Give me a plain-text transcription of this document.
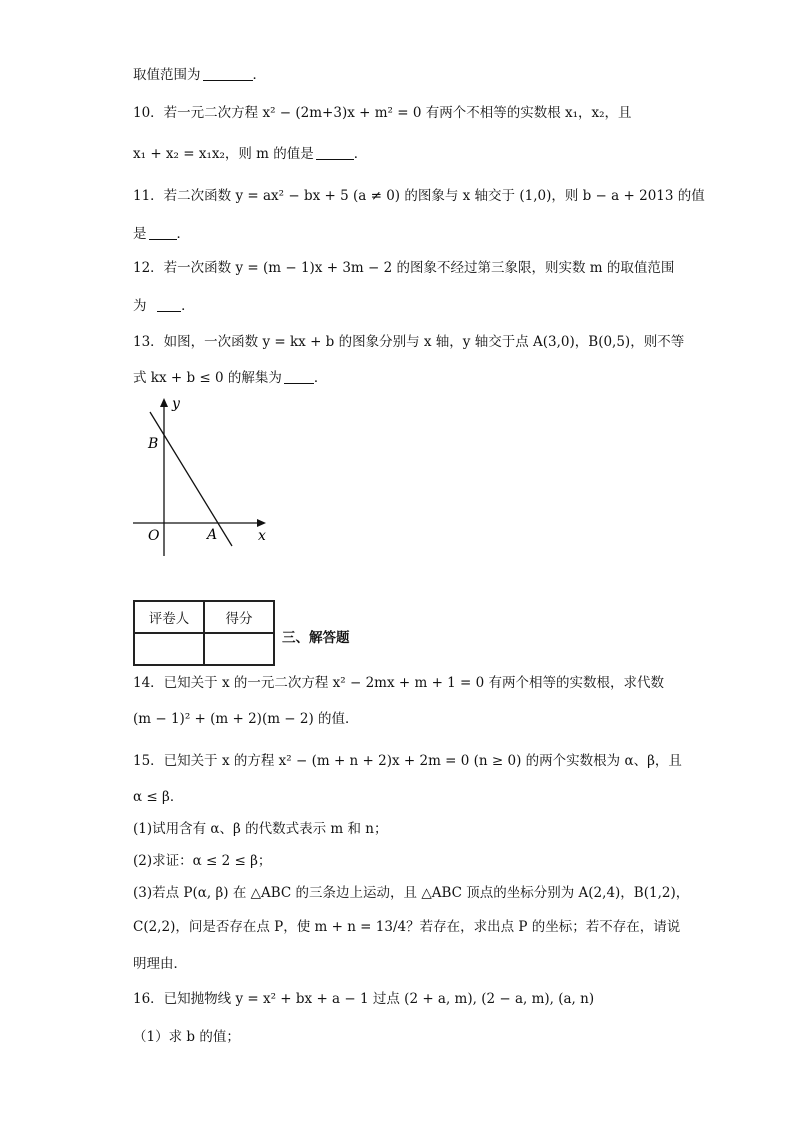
取值范围为	．
10．若一元二次方程 x² − (2m+3)x + m² = 0 有两个不相等的实数根 x₁，x₂，且
x₁ + x₂ = x₁x₂，则 m 的值是	．
11．若二次函数 y = ax² − bx + 5 (a ≠ 0) 的图象与 x 轴交于 (1,0)，则 b − a + 2013 的值
是 ．
12．若一次函数 y = (m − 1)x + 3m − 2 的图象不经过第三象限，则实数 m 的取值范围
为	．
13．如图，一次函数 y = kx + b 的图象分别与 x 轴，y 轴交于点 A(3,0)，B(0,5)，则不等
式 kx + b ≤ 0 的解集为 ．
y
x
O
B
A
评卷人	得分

三、解答题
14．已知关于 x 的一元二次方程 x² − 2mx + m + 1 = 0 有两个相等的实数根，求代数
(m − 1)² + (m + 2)(m − 2) 的值．
15．已知关于 x 的方程 x² − (m + n + 2)x + 2m = 0 (n ≥ 0) 的两个实数根为 α、β，且
α ≤ β．
(1)试用含有 α、β 的代数式表示 m 和 n；
(2)求证：α ≤ 2 ≤ β；
(3)若点 P(α, β) 在 △ABC 的三条边上运动，且 △ABC 顶点的坐标分别为 A(2,4)，B(1,2)，
C(2,2)，问是否存在点 P，使 m + n = 13/4？若存在，求出点 P 的坐标；若不存在，请说
明理由．
16．已知抛物线 y = x² + bx + a − 1 过点 (2 + a, m), (2 − a, m), (a, n)
（1）求 b 的值；
